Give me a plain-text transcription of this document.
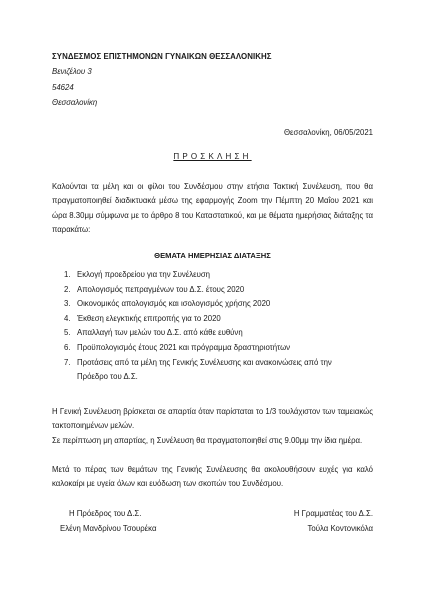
ΣΥΝΔΕΣΜΟΣ ΕΠΙΣΤΗΜΟΝΩΝ ΓΥΝΑΙΚΩΝ ΘΕΣΣΑΛΟΝΙΚΗΣ
Βενιζέλου 3
54624
Θεσσαλονίκη
Θεσσαλονίκη, 06/05/2021
ΠΡΟΣΚΛΗΣΗ
Καλούνται τα μέλη και οι φίλοι του Συνδέσμου στην ετήσια Τακτική Συνέλευση, που θα πραγματοποιηθεί διαδικτυακά μέσω της εφαρμογής Zoom την Πέμπτη 20 Μαΐου 2021 και ώρα 8.30μμ σύμφωνα με το άρθρο 8 του Καταστατικού, και με θέματα ημερήσιας διάταξης τα παρακάτω:
ΘΕΜΑΤΑ ΗΜΕΡΗΣΙΑΣ ΔΙΑΤΑΞΗΣ
1. Εκλογή προεδρείου για την Συνέλευση
2. Απολογισμός πεπραγμένων του Δ.Σ. έτους 2020
3. Οικονομικός απολογισμός και ισολογισμός χρήσης 2020
4. Έκθεση ελεγκτικής επιτροπής για το 2020
5. Απαλλαγή των μελών του Δ.Σ. από κάθε ευθύνη
6. Προϋπολογισμός έτους 2021 και πρόγραμμα δραστηριοτήτων
7. Προτάσεις από τα μέλη της Γενικής Συνέλευσης και ανακοινώσεις από την Πρόεδρο του Δ.Σ.
Η Γενική Συνέλευση βρίσκεται σε απαρτία όταν παρίσταται το 1/3 τουλάχιστον των ταμειακώς τακτοποιημένων μελών.
Σε περίπτωση μη απαρτίας, η Συνέλευση θα πραγματοποιηθεί στις 9.00μμ την ίδια ημέρα.
Μετά το πέρας των θεμάτων της Γενικής Συνέλευσης θα ακολουθήσουν ευχές για καλό καλοκαίρι με υγεία όλων και ευόδωση των σκοπών του Συνδέσμου.
Η Πρόεδρος του Δ.Σ.
Ελένη Μανδρίνου Τσουρέκα
Η Γραμματέας του Δ.Σ.
Τούλα Κοντονικόλα
